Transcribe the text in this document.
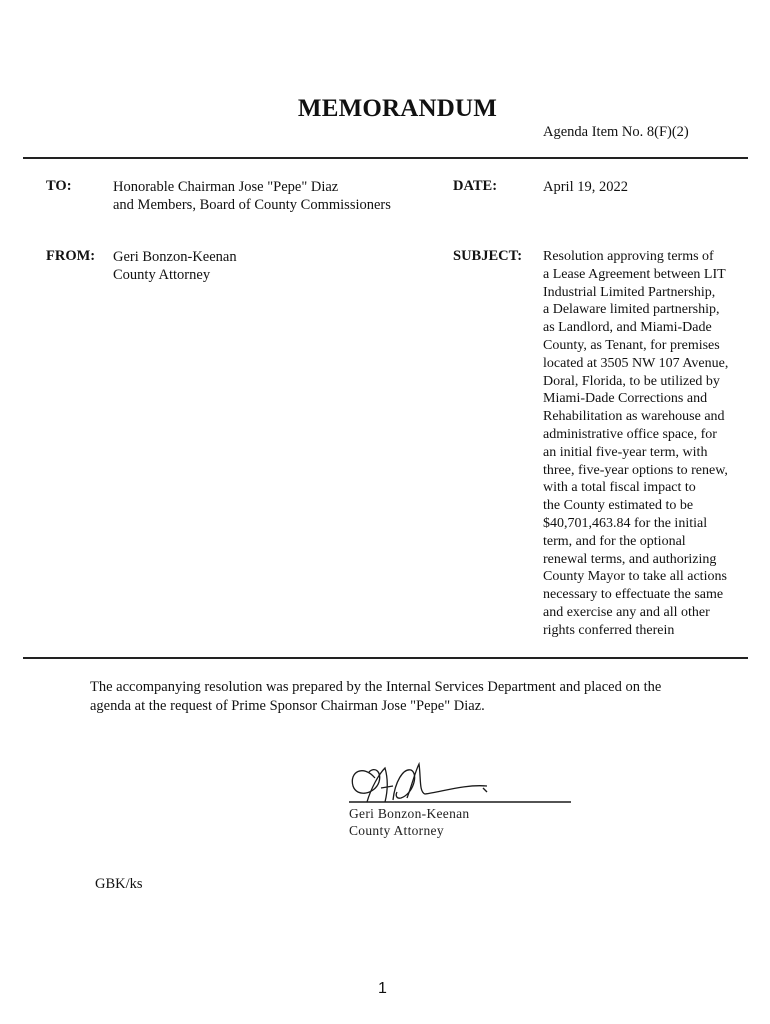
MEMORANDUM
Agenda Item No. 8(F)(2)
TO:	Honorable Chairman Jose "Pepe" Diaz
and Members, Board of County Commissioners
DATE:	April 19, 2022
FROM: Geri Bonzon-Keenan
County Attorney
SUBJECT: Resolution approving terms of
a Lease Agreement between LIT
Industrial Limited Partnership,
a Delaware limited partnership,
as Landlord, and Miami-Dade
County, as Tenant, for premises
located at 3505 NW 107 Avenue,
Doral, Florida, to be utilized by
Miami-Dade Corrections and
Rehabilitation as warehouse and
administrative office space, for
an initial five-year term, with
three, five-year options to renew,
with a total fiscal impact to
the County estimated to be
$40,701,463.84 for the initial
term, and for the optional
renewal terms, and authorizing
County Mayor to take all actions
necessary to effectuate the same
and exercise any and all other
rights conferred therein
The accompanying resolution was prepared by the Internal Services Department and placed on the
agenda at the request of Prime Sponsor Chairman Jose "Pepe" Diaz.
Geri Bonzon-Keenan
County Attorney
GBK/ks
1
